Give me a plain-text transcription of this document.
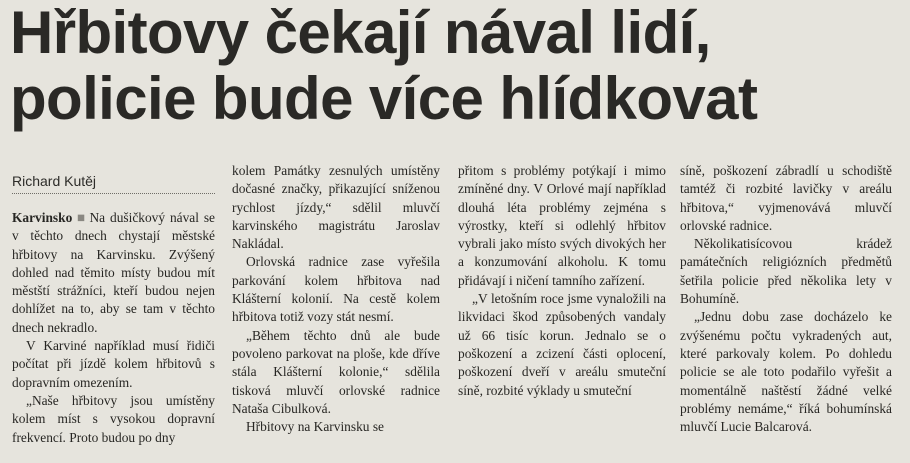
Hřbitovy čekají nával lidí,
policie bude více hlídkovat
Richard Kutěj

Karvinsko ■ Na dušičkový nával se v těchto dnech chystají městské hřbitovy na Karvinsku. Zvýšený dohled nad těmito místy budou mít městští strážníci, kteří budou nejen dohlížet na to, aby se tam v těchto dnech nekradlo.

V Karviné například musí řidiči počítat při jízdě kolem hřbitovů s dopravním omezením.

„Naše hřbitovy jsou umístěny kolem míst s vysokou dopravní frekvencí. Proto budou po dny

kolem Památky zesnulých umístěny dočasné značky, přikazující sníženou rychlost jízdy,“ sdělil mluvčí karvinského magistrátu Jaroslav Nakládal.

Orlovská radnice zase vyřešila parkování kolem hřbitova nad Klášterní kolonií. Na cestě kolem hřbitova totiž vozy stát nesmí.

„Během těchto dnů ale bude povoleno parkovat na ploše, kde dříve stála Klášterní kolonie,“ sdělila tisková mluvčí orlovské radnice Nataša Cibulková.

Hřbitovy na Karvinsku se

přitom s problémy potýkají i mimo zmíněné dny. V Orlové mají například dlouhá léta problémy zejména s výrostky, kteří si odlehlý hřbitov vybrali jako místo svých divokých her a konzumování alkoholu. K tomu přidávají i ničení tamního zařízení.

„V letošním roce jsme vynaložili na likvidaci škod způsobených vandaly už 66 tisíc korun. Jednalo se o poškození a zcizení části oplocení, poškození dveří v areálu smuteční síně, rozbité výklady u smuteční

síně, poškození zábradlí u schodiště tamtéž či rozbité lavičky v areálu hřbitova,“ vyjmenovává mluvčí orlovské radnice.

Několikatisícovou krádež památečních religiózních předmětů šetřila policie před několika lety v Bohumíně.

„Jednu dobu zase docházelo ke zvýšenému počtu vykradených aut, které parkovaly kolem. Po dohledu policie se ale toto podařilo vyřešit a momentálně naštěstí žádné velké problémy nemáme,“ říká bohumínská mluvčí Lucie Balcarová.
